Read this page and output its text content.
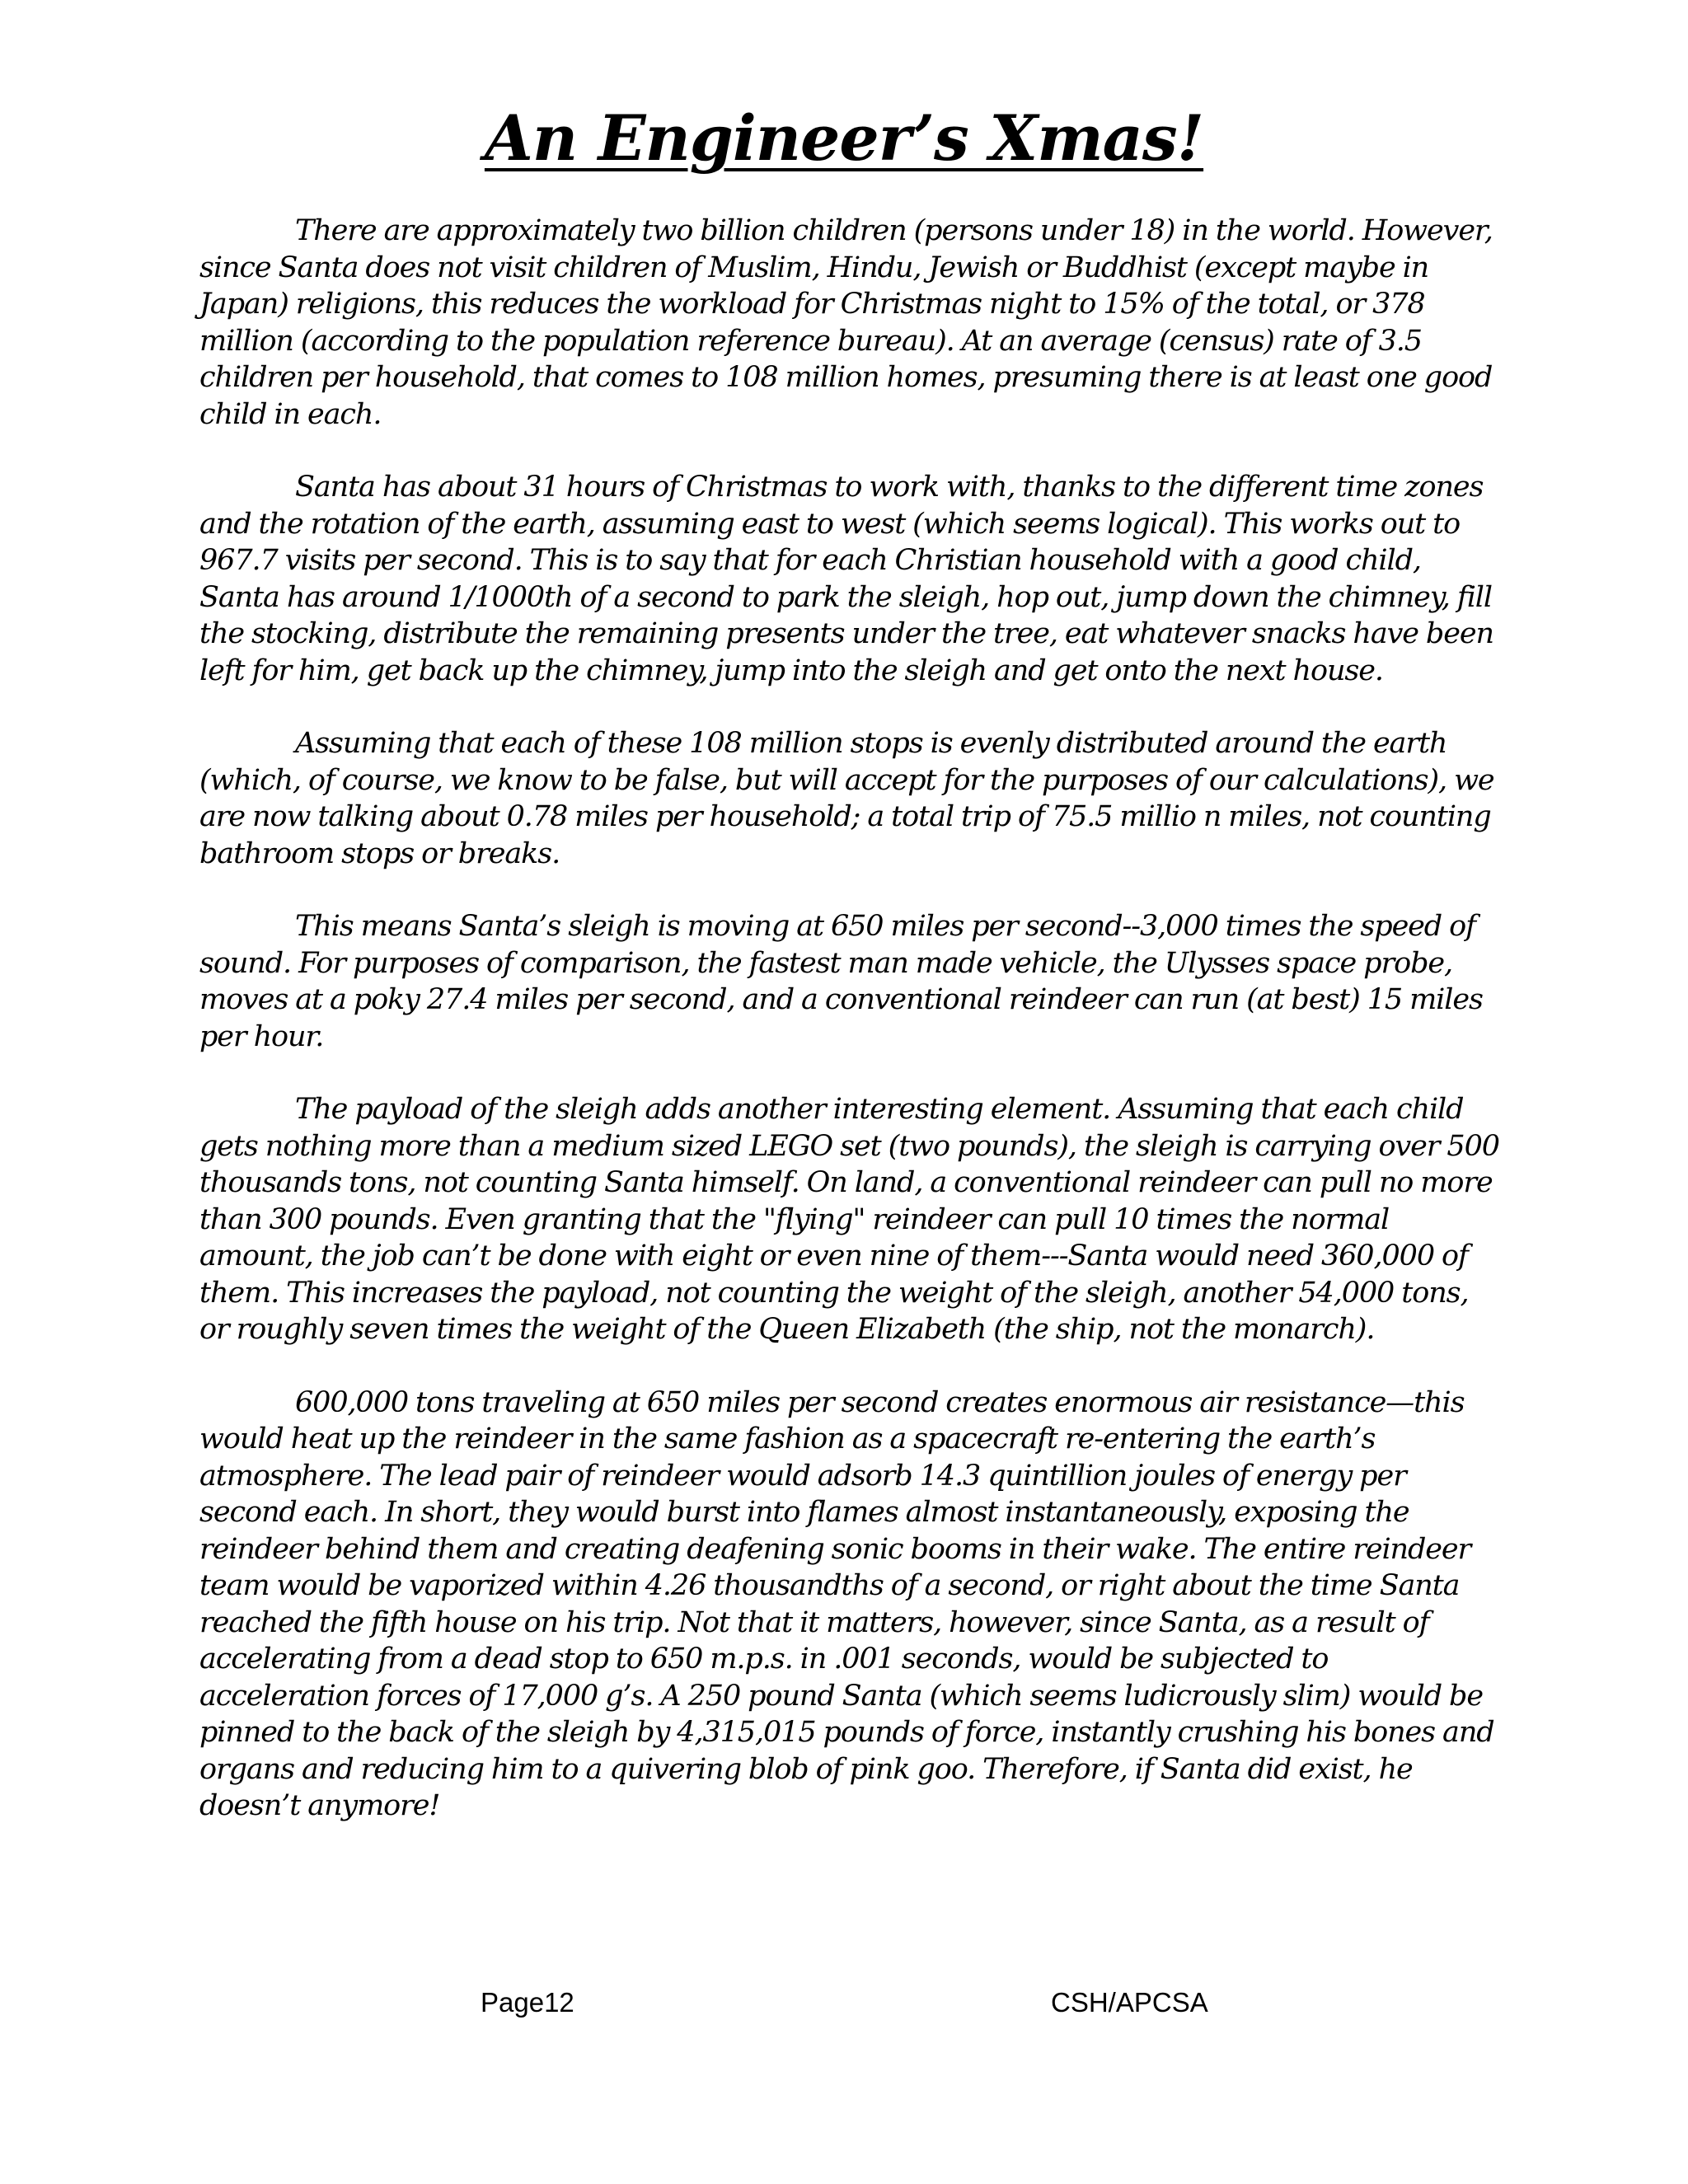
An Engineer’s Xmas!

There are approximately two billion children (persons under 18) in the world. However, since Santa does not visit children of Muslim, Hindu, Jewish or Buddhist (except maybe in Japan) religions, this reduces the workload for Christmas night to 15% of the total, or 378 million (according to the population reference bureau). At an average (census) rate of 3.5 children per household, that comes to 108 million homes, presuming there is at least one good child in each.

Santa has about 31 hours of Christmas to work with, thanks to the different time zones and the rotation of the earth, assuming east to west (which seems logical). This works out to 967.7 visits per second. This is to say that for each Christian household with a good child, Santa has around 1/1000th of a second to park the sleigh, hop out, jump down the chimney, fill the stocking, distribute the remaining presents under the tree, eat whatever snacks have been left for him, get back up the chimney, jump into the sleigh and get onto the next house.

Assuming that each of these 108 million stops is evenly distributed around the earth (which, of course, we know to be false, but will accept for the purposes of our calculations), we are now talking about 0.78 miles per household; a total trip of 75.5 millio n miles, not counting bathroom stops or breaks.

This means Santa’s sleigh is moving at 650 miles per second--3,000 times the speed of sound. For purposes of comparison, the fastest man made vehicle, the Ulysses space probe, moves at a poky 27.4 miles per second, and a conventional reindeer can run (at best) 15 miles per hour.

The payload of the sleigh adds another interesting element. Assuming that each child gets nothing more than a medium sized LEGO set (two pounds), the sleigh is carrying over 500 thousands tons, not counting Santa himself. On land, a conventional reindeer can pull no more than 300 pounds. Even granting that the "flying" reindeer can pull 10 times the normal amount, the job can’t be done with eight or even nine of them---Santa would need 360,000 of them. This increases the payload, not counting the weight of the sleigh, another 54,000 tons, or roughly seven times the weight of the Queen Elizabeth (the ship, not the monarch).

600,000 tons traveling at 650 miles per second creates enormous air resistance—this would heat up the reindeer in the same fashion as a spacecraft re-entering the earth’s atmosphere. The lead pair of reindeer would adsorb 14.3 quintillion joules of energy per second each. In short, they would burst into flames almost instantaneously, exposing the reindeer behind them and creating deafening sonic booms in their wake. The entire reindeer team would be vaporized within 4.26 thousandths of a second, or right about the time Santa reached the fifth house on his trip. Not that it matters, however, since Santa, as a result of accelerating from a dead stop to 650 m.p.s. in .001 seconds, would be subjected to acceleration forces of 17,000 g’s. A 250 pound Santa (which seems ludicrously slim) would be pinned to the back of the sleigh by 4,315,015 pounds of force, instantly crushing his bones and organs and reducing him to a quivering blob of pink goo. Therefore, if Santa did exist, he doesn’t anymore!

Page12	CSH/APCSA
